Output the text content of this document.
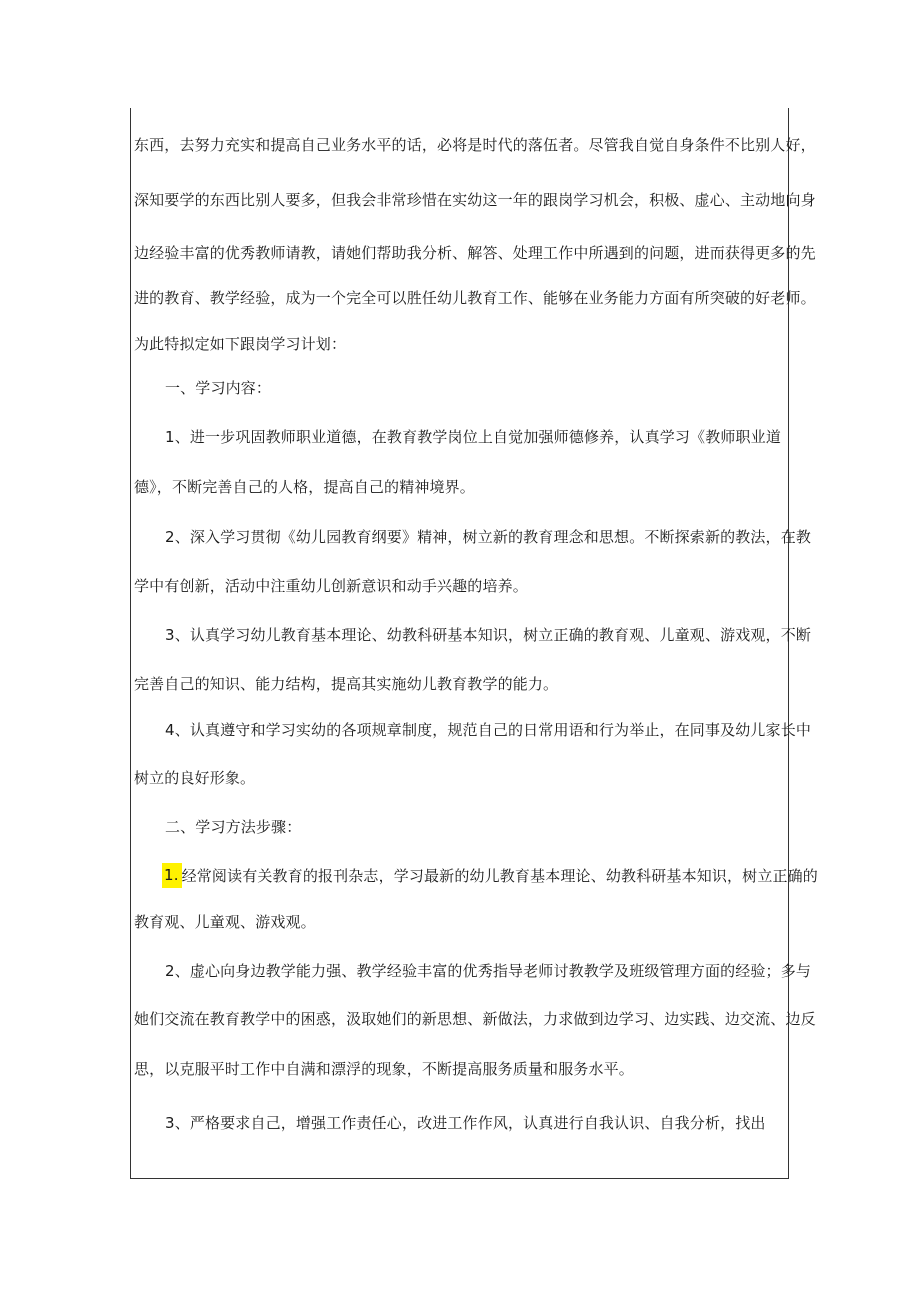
东西，去努力充实和提高自己业务水平的话，必将是时代的落伍者。尽管我自觉自身条件不比别人好，
深知要学的东西比别人要多，但我会非常珍惜在实幼这一年的跟岗学习机会，积极、虚心、主动地向身
边经验丰富的优秀教师请教，请她们帮助我分析、解答、处理工作中所遇到的问题，进而获得更多的先
进的教育、教学经验，成为一个完全可以胜任幼儿教育工作、能够在业务能力方面有所突破的好老师。
为此特拟定如下跟岗学习计划：
一、学习内容：
1、进一步巩固教师职业道德，在教育教学岗位上自觉加强师德修养，认真学习《教师职业道
德》，不断完善自己的人格，提高自己的精神境界。
2、深入学习贯彻《幼儿园教育纲要》精神，树立新的教育理念和思想。不断探索新的教法，在教
学中有创新，活动中注重幼儿创新意识和动手兴趣的培养。
3、认真学习幼儿教育基本理论、幼教科研基本知识，树立正确的教育观、儿童观、游戏观，不断
完善自己的知识、能力结构，提高其实施幼儿教育教学的能力。
4、认真遵守和学习实幼的各项规章制度，规范自己的日常用语和行为举止，在同事及幼儿家长中
树立的良好形象。
二、学习方法步骤：
1. 经常阅读有关教育的报刊杂志，学习最新的幼儿教育基本理论、幼教科研基本知识，树立正确的
教育观、儿童观、游戏观。
2、虚心向身边教学能力强、教学经验丰富的优秀指导老师讨教教学及班级管理方面的经验；多与
她们交流在教育教学中的困惑，汲取她们的新思想、新做法，力求做到边学习、边实践、边交流、边反
思，以克服平时工作中自满和漂浮的现象，不断提高服务质量和服务水平。
3、严格要求自己，增强工作责任心，改进工作作风，认真进行自我认识、自我分析，找出
